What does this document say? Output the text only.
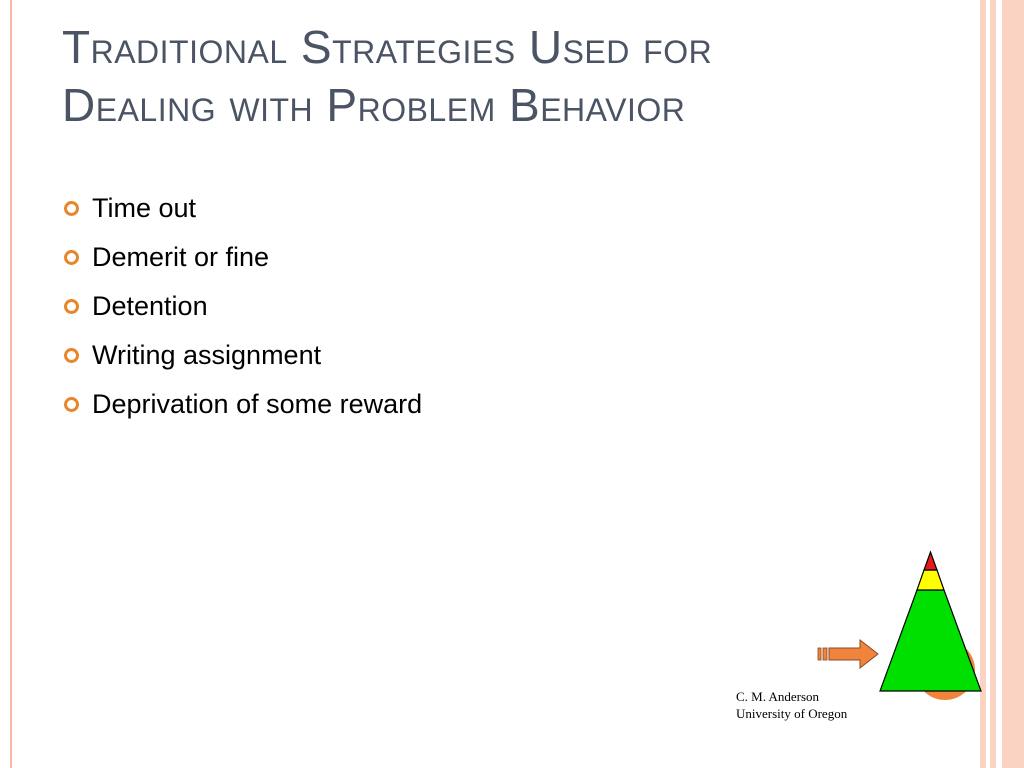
Traditional Strategies Used for
Dealing with Problem Behavior
Time out
Demerit or fine
Detention
Writing assignment
Deprivation of some reward
C. M. Anderson
University of Oregon
